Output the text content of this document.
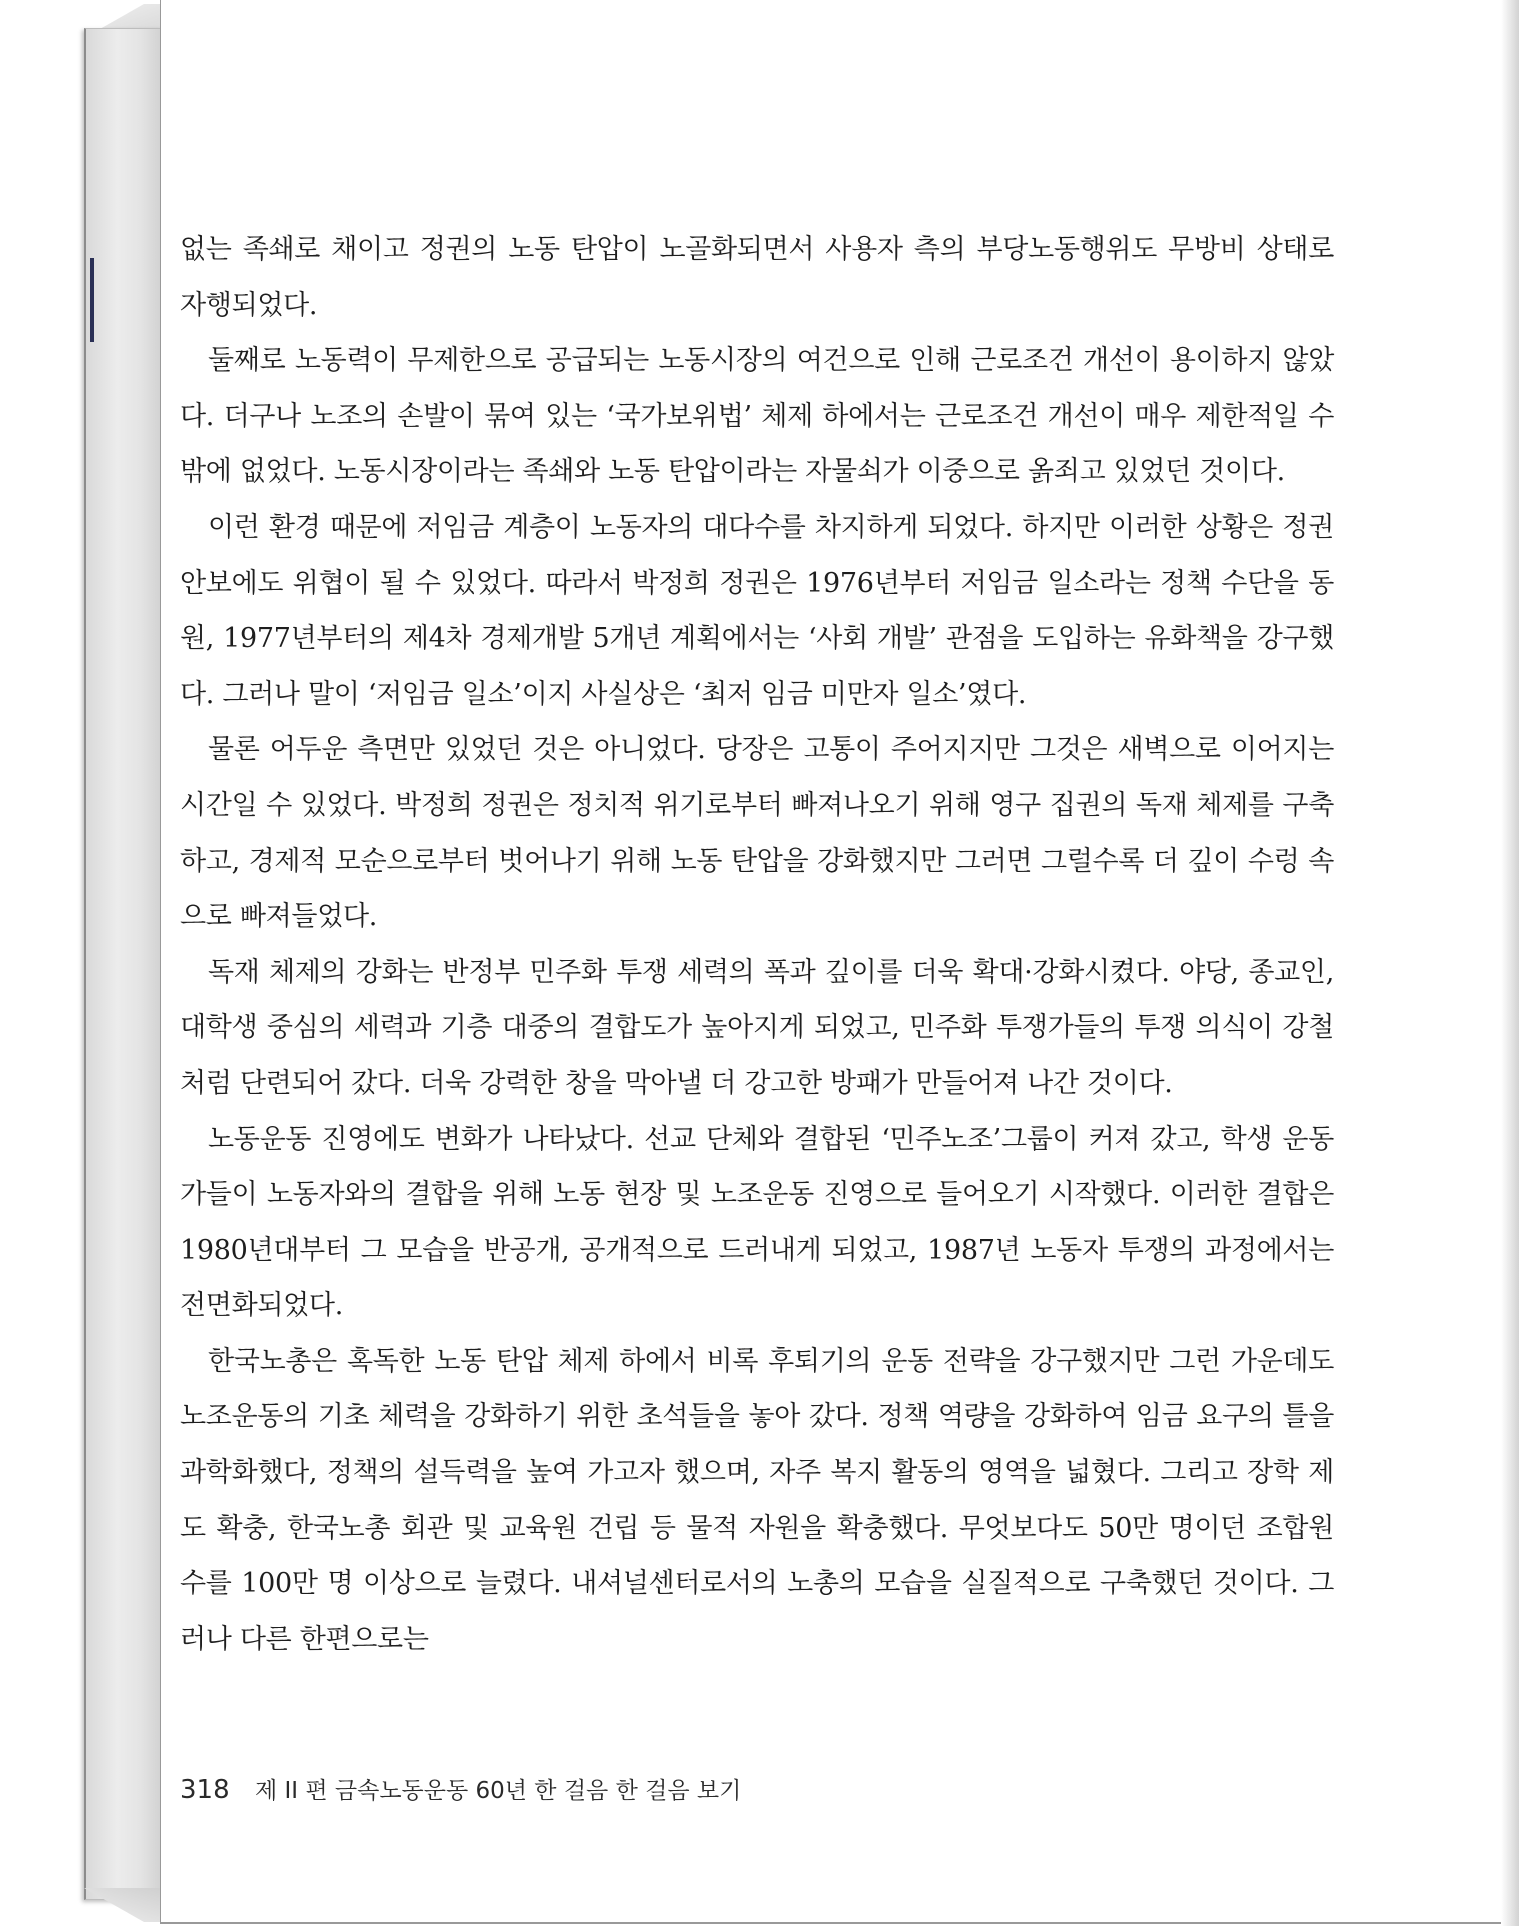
없는 족쇄로 채이고 정권의 노동 탄압이 노골화되면서 사용자 측의 부당노동행위도 무방비 상태로 자행되었다.

둘째로 노동력이 무제한으로 공급되는 노동시장의 여건으로 인해 근로조건 개선이 용이하지 않았다. 더구나 노조의 손발이 묶여 있는 ‘국가보위법’ 체제 하에서는 근로조건 개선이 매우 제한적일 수밖에 없었다. 노동시장이라는 족쇄와 노동 탄압이라는 자물쇠가 이중으로 옭죄고 있었던 것이다.

이런 환경 때문에 저임금 계층이 노동자의 대다수를 차지하게 되었다. 하지만 이러한 상황은 정권 안보에도 위협이 될 수 있었다. 따라서 박정희 정권은 1976년부터 저임금 일소라는 정책 수단을 동원, 1977년부터의 제4차 경제개발 5개년 계획에서는 ‘사회 개발’ 관점을 도입하는 유화책을 강구했다. 그러나 말이 ‘저임금 일소’이지 사실상은 ‘최저 임금 미만자 일소’였다.

물론 어두운 측면만 있었던 것은 아니었다. 당장은 고통이 주어지지만 그것은 새벽으로 이어지는 시간일 수 있었다. 박정희 정권은 정치적 위기로부터 빠져나오기 위해 영구 집권의 독재 체제를 구축하고, 경제적 모순으로부터 벗어나기 위해 노동 탄압을 강화했지만 그러면 그럴수록 더 깊이 수렁 속으로 빠져들었다.

독재 체제의 강화는 반정부 민주화 투쟁 세력의 폭과 깊이를 더욱 확대·강화시켰다. 야당, 종교인, 대학생 중심의 세력과 기층 대중의 결합도가 높아지게 되었고, 민주화 투쟁가들의 투쟁 의식이 강철처럼 단련되어 갔다. 더욱 강력한 창을 막아낼 더 강고한 방패가 만들어져 나간 것이다.

노동운동 진영에도 변화가 나타났다. 선교 단체와 결합된 ‘민주노조’그룹이 커져 갔고, 학생 운동가들이 노동자와의 결합을 위해 노동 현장 및 노조운동 진영으로 들어오기 시작했다. 이러한 결합은 1980년대부터 그 모습을 반공개, 공개적으로 드러내게 되었고, 1987년 노동자 투쟁의 과정에서는 전면화되었다.

한국노총은 혹독한 노동 탄압 체제 하에서 비록 후퇴기의 운동 전략을 강구했지만 그런 가운데도 노조운동의 기초 체력을 강화하기 위한 초석들을 놓아 갔다. 정책 역량을 강화하여 임금 요구의 틀을 과학화했다, 정책의 설득력을 높여 가고자 했으며, 자주 복지 활동의 영역을 넓혔다. 그리고 장학 제도 확충, 한국노총 회관 및 교육원 건립 등 물적 자원을 확충했다. 무엇보다도 50만 명이던 조합원 수를 100만 명 이상으로 늘렸다. 내셔널센터로서의 노총의 모습을 실질적으로 구축했던 것이다. 그러나 다른 한편으로는

318 제 II 편 금속노동운동 60년 한 걸음 한 걸음 보기
